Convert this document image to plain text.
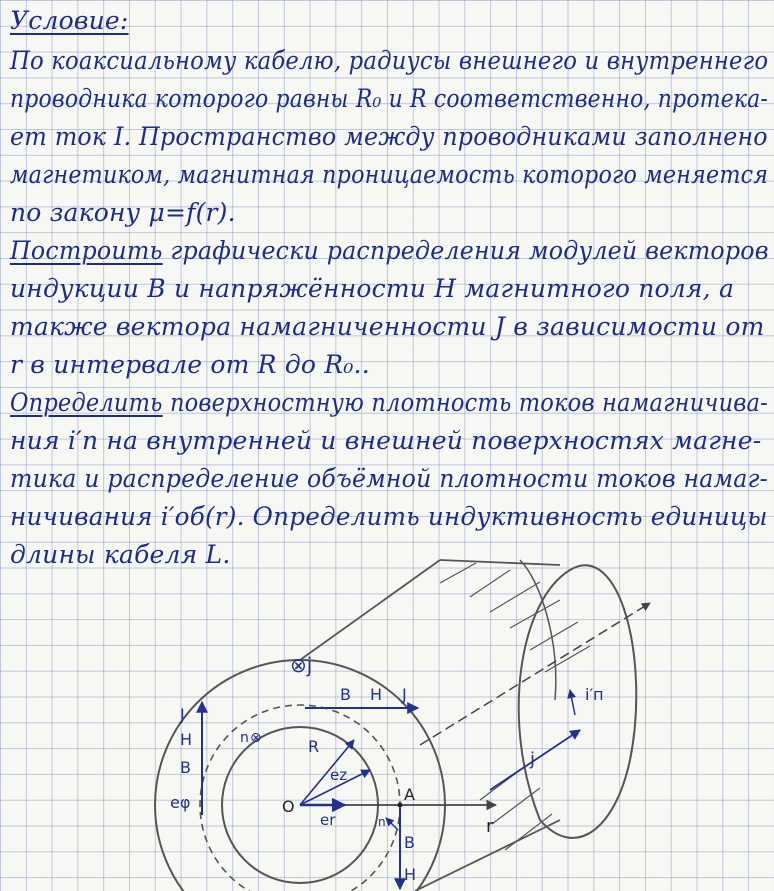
Условие:
По коаксиальному кабелю, радиусы внешнего и внутреннего
проводника которого равны R₀ и R соответственно, протека-
ет ток I. Пространство между проводниками заполнено
магнетиком, магнитная проницаемость которого меняется
по закону μ=f(r).
Построить графически распределения модулей векторов
индукции B и напряжённости H магнитного поля, а
также вектора намагниченности J в зависимости от
r в интервале от R до R₀..
Определить поверхностную плотность токов намагничива-
ния i′п на внутренней и внешней поверхностях магне-
тика и распределение объёмной плотности токов намаг-
ничивания i′об(r). Определить индуктивность единицы
длины кабеля L.
j
i′п
⊗j
B H J
J
H
B
eφ
n ⊗	R
ez
O
r
er
A
n
B
H
